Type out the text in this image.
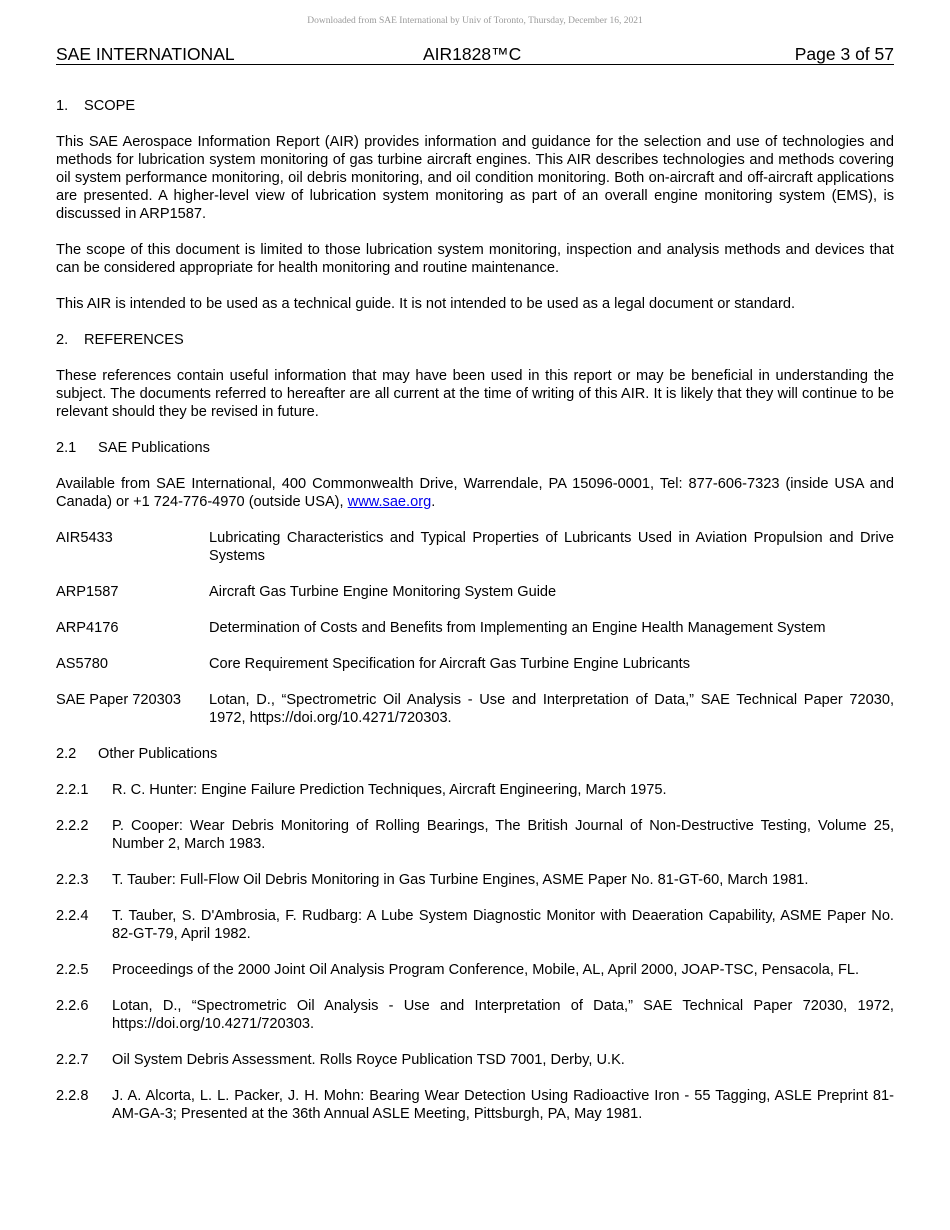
Downloaded from SAE International by Univ of Toronto, Thursday, December 16, 2021
SAE INTERNATIONAL	AIR1828™C	Page 3 of 57
1. SCOPE

This SAE Aerospace Information Report (AIR) provides information and guidance for the selection and use of technologies and methods for lubrication system monitoring of gas turbine aircraft engines. This AIR describes technologies and methods covering oil system performance monitoring, oil debris monitoring, and oil condition monitoring. Both on-aircraft and off-aircraft applications are presented. A higher-level view of lubrication system monitoring as part of an overall engine monitoring system (EMS), is discussed in ARP1587.

The scope of this document is limited to those lubrication system monitoring, inspection and analysis methods and devices that can be considered appropriate for health monitoring and routine maintenance.

This AIR is intended to be used as a technical guide. It is not intended to be used as a legal document or standard.

2. REFERENCES

These references contain useful information that may have been used in this report or may be beneficial in understanding the subject. The documents referred to hereafter are all current at the time of writing of this AIR. It is likely that they will continue to be relevant should they be revised in future.

2.1 SAE Publications

Available from SAE International, 400 Commonwealth Drive, Warrendale, PA 15096-0001, Tel: 877-606-7323 (inside USA and Canada) or +1 724-776-4970 (outside USA), www.sae.org.

AIR5433	Lubricating Characteristics and Typical Properties of Lubricants Used in Aviation Propulsion and Drive Systems
ARP1587	Aircraft Gas Turbine Engine Monitoring System Guide
ARP4176	Determination of Costs and Benefits from Implementing an Engine Health Management System
AS5780	Core Requirement Specification for Aircraft Gas Turbine Engine Lubricants
SAE Paper 720303	Lotan, D., “Spectrometric Oil Analysis - Use and Interpretation of Data,” SAE Technical Paper 72030, 1972, https://doi.org/10.4271/720303.
2.2 Other Publications
2.2.1	R. C. Hunter: Engine Failure Prediction Techniques, Aircraft Engineering, March 1975.
2.2.2	P. Cooper: Wear Debris Monitoring of Rolling Bearings, The British Journal of Non-Destructive Testing, Volume 25, Number 2, March 1983.
2.2.3	T. Tauber: Full-Flow Oil Debris Monitoring in Gas Turbine Engines, ASME Paper No. 81-GT-60, March 1981.
2.2.4	T. Tauber, S. D'Ambrosia, F. Rudbarg: A Lube System Diagnostic Monitor with Deaeration Capability, ASME Paper No. 82-GT-79, April 1982.
2.2.5	Proceedings of the 2000 Joint Oil Analysis Program Conference, Mobile, AL, April 2000, JOAP-TSC, Pensacola, FL.
2.2.6	Lotan, D., “Spectrometric Oil Analysis - Use and Interpretation of Data,” SAE Technical Paper 72030, 1972, https://doi.org/10.4271/720303.
2.2.7	Oil System Debris Assessment. Rolls Royce Publication TSD 7001, Derby, U.K.
2.2.8	J. A. Alcorta, L. L. Packer, J. H. Mohn: Bearing Wear Detection Using Radioactive Iron - 55 Tagging, ASLE Preprint 81-AM-GA-3; Presented at the 36th Annual ASLE Meeting, Pittsburgh, PA, May 1981.
